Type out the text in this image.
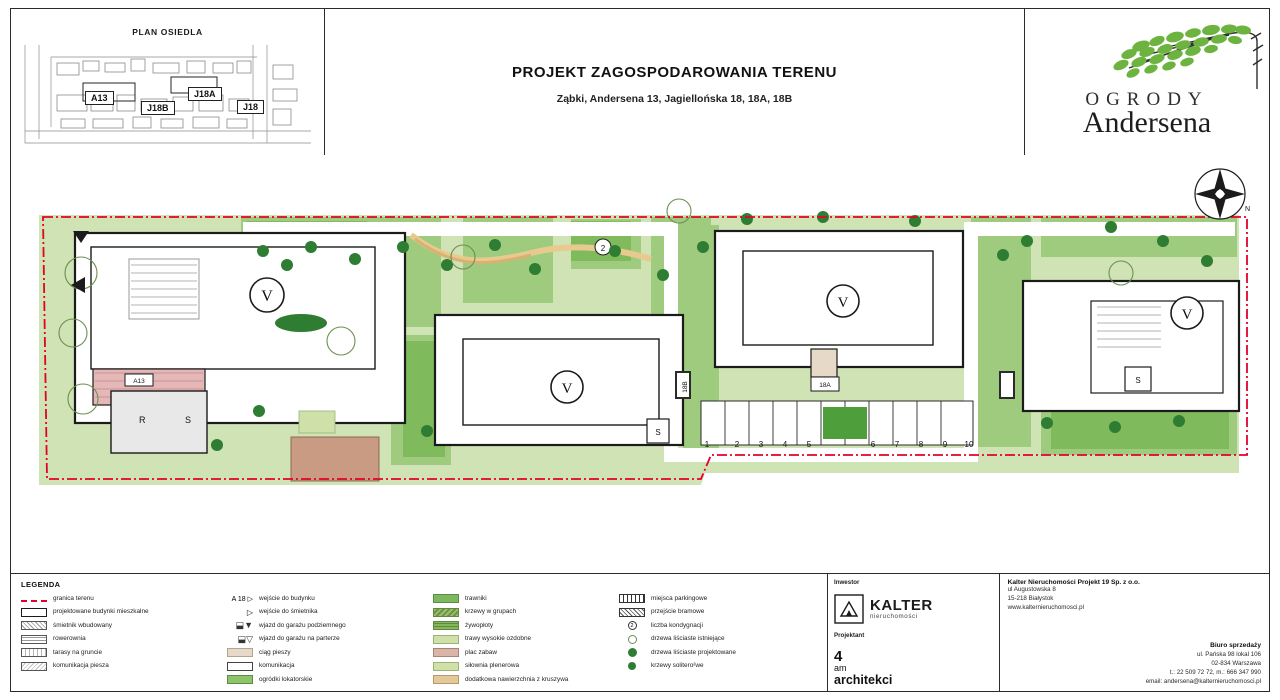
PLAN OSIEDLA
A13	J18A
J18B	J18
PROJEKT ZAGOSPODAROWANIA TERENU
Ząbki, Andersena 13, Jagiellońska 18, 18A, 18B	OGRODY
Andersena
R	S
V
A13	V
S
18B
V
18A
V
S
1	2 3 4 5	6 7 8 9 10
2
N
LEGENDA
granica terenu
projektowane budynki mieszkalne
śmietnik wbudowany
rowerownia
tarasy na gruncie
komunikacja piesza
A 18 ▷ wejście do budynku
▷ wejście do śmietnika
⬓▼ wjazd do garażu podziemnego
⬓▽ wjazd do garażu na parterze
ciąg pieszy
komunikacja
ogródki lokatorskie
trawniki
krzewy w grupach
żywopłoty
trawy wysokie ozdobne
plac zabaw
siłownia plenerowa
dodatkowa nawierzchnia z kruszywa
miejsca parkingowe
przejście bramowe
2	liczba kondygnacji
drzewa liściaste istniejące
drzewa liściaste projektowane
krzewy solitero²we
Inwestor
KALTER
nieruchomości
Projektant
4
am
architekci
Kalter Nieruchomości Projekt 19 Sp. z o.o.
ul Augustowska 8
15-218 Białystok
www.kalternieruchomosci.pl
Biuro sprzedaży
ul. Pańska 98 lokal 106
02-834 Warszawa
t.: 22 509 72 72, m.: 666 347 990
email: andersena@kalternieruchomosci.pl
